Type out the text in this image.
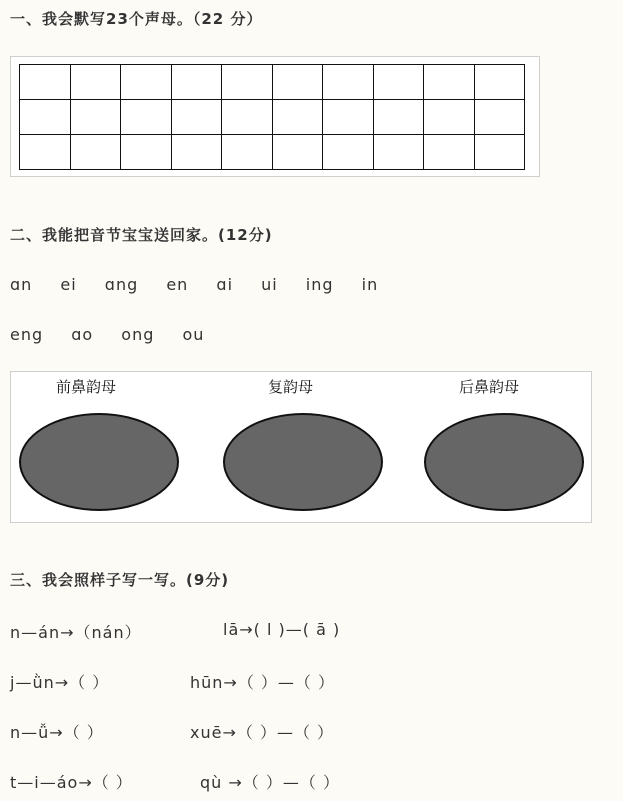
一、我会默写23个声母。（22 分）

二、我能把音节宝宝送回家。(12分)
ɑn ei ɑng en ɑi ui ing in
eng ɑo ong ou
前鼻韵母	复韵母	后鼻韵母
三、我会照样子写一写。(9分)
n—án→（nán）	lā→( l )—( ā )
j—ǜn→（ ）	hūn→（ ）—（ ）
n—ǚ→（ ）	xuē→（ ）—（ ）
t—i—áo→（ ）	qù →（ ）—（ ）
